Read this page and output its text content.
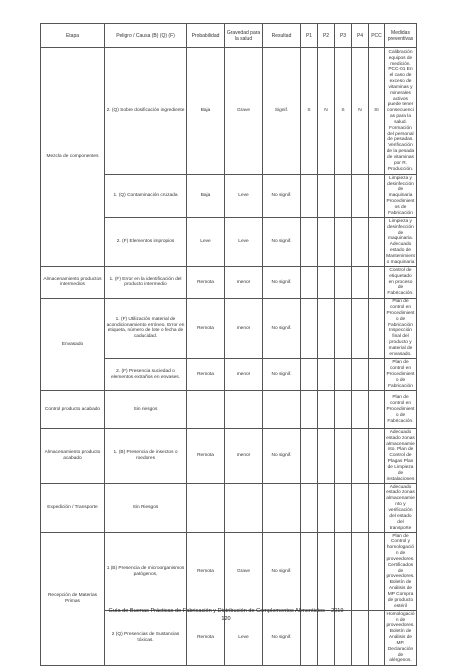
Etapa	Peligro / Causa (B) (Q) (F)	Probabilidad	Gravedad para la salud	Resultad	P1	P2	P3	P4	PCC	Medidas preventivas
Mezcla de componentes	2. (Q) Sobre dosificación ingrediente	Baja	Grave	Signif.	S	N	S	N	SI	Calibración equipos de medición. PCC-01 En el caso de exceso de vitaminas y minerales activos puede tener consecuencias para la salud. Formación del personal de pesadas. Verificación de la pesada de vitaminas por R. Producción.
	1. (Q) Contaminación cruzada	Baja	Leve	No signif.						Limpieza y desinfección de maquinaria Procedimientos de Fabricación
	2. (F) Elementos impropios	Leve	Leve	No signif.						Limpieza y desinfección de maquinaria. Adecuado estado de Mantenimiento maquinaria
Almacenamiento productos intermedios	1. (F) Error en la identificación del producto intermedio	Remota	menor	No signif.						Control de etiquetado en proceso de Fabricación.
Envasado	1. (F) Utilización material de acondicionamiento erróneo. Error en etiqueta, número de lote o fecha de caducidad.	Remota	menor	No signif.						Plan de control en Procedimiento de Fabricación Inspección final del producto y material de envasado.
	2. (F) Presencia suciedad o elementos extraños en envases.	Remota	menor	No signif.						Plan de control en Procedimiento de Fabricación
Control producto acabado	Sin riesgos									Plan de control en Procedimiento de Fabricación.
Almacenamiento producto acabado	1. (B) Presencia de insectos o roedores	Remota	menor	No signif.						Adecuado estado zonas almacenamiento. Plan de Control de Plagas Plan de Limpieza de instalaciones
Expedición / Transporte	Sin Riesgos									Adecuado estado zonas almacenamiento y verificación del estado del transporte
Recepción de Materias Primas	1 (B) Presencia de microorganismos patógenos,	Remota	Grave	No signif.						Plan de Control y homologación de proveedores. Certificados de proveedores. Boletín de Análisis de MP Compra de producto estéril
	2 (Q) Presencias de Sustancias tóxicas.	Remota	Leve	No signif.						Homologación de proveedores. Boletín de Análisis de MP. Declaración de alérgenos.
Guía de Buenas Prácticas de Fabricación y Distribución de Complementos Alimenticios – 2019
120
